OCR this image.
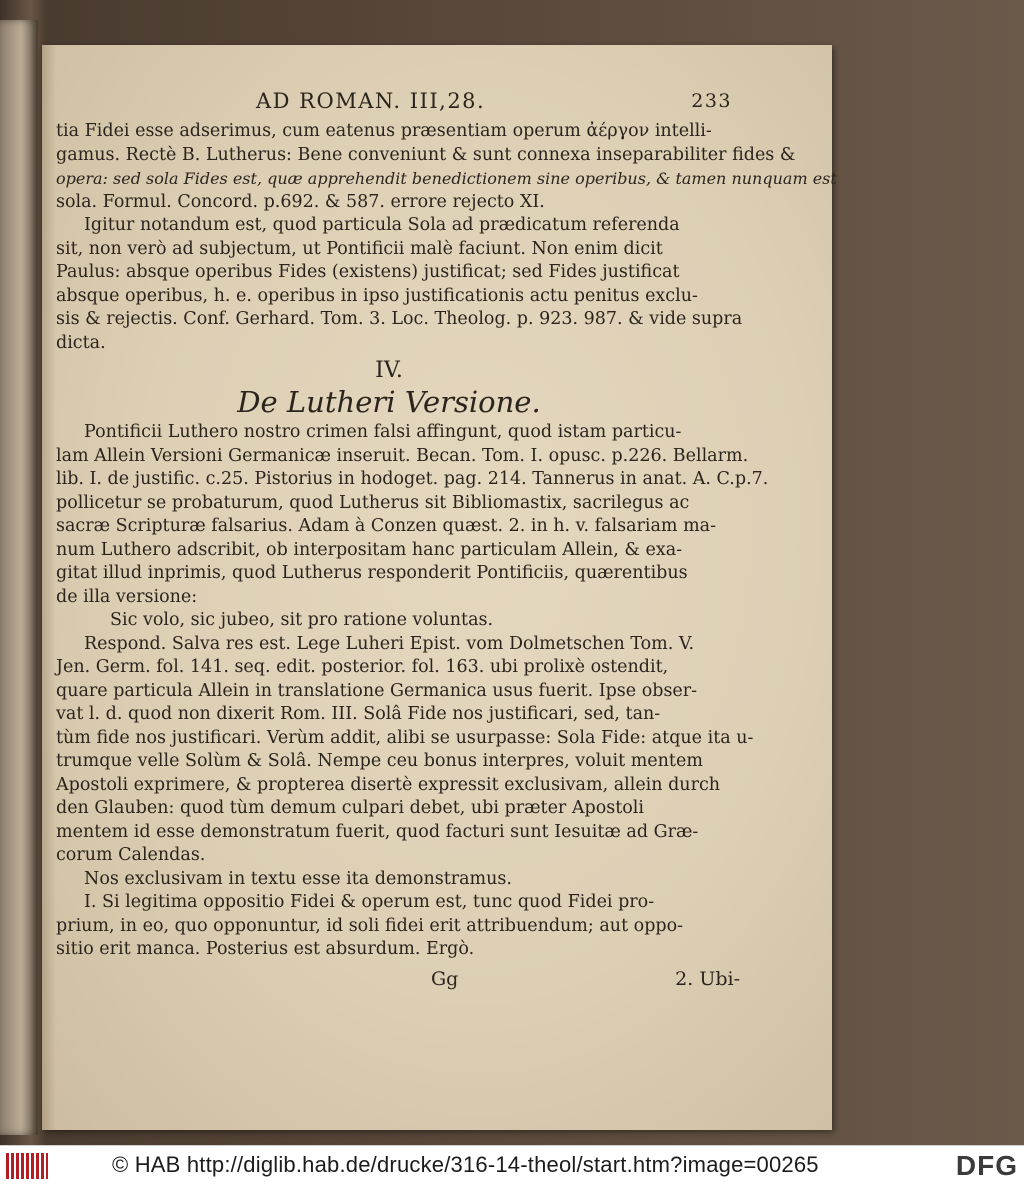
AD ROMAN. III,28.	233
tia Fidei esse adserimus, cum eatenus præsentiam operum ἀέργον intelli-
gamus. Rectè B. Lutherus: Bene conveniunt & sunt connexa inseparabiliter fides &
opera: sed sola Fides est, quæ apprehendit benedictionem sine operibus, & tamen nunquam est
sola. Formul. Concord. p.692. & 587. errore rejecto XI.
Igitur notandum est, quod particula Sola ad prædicatum referenda
sit, non verò ad subjectum, ut Pontificii malè faciunt. Non enim dicit
Paulus: absque operibus Fides (existens) justificat; sed Fides justificat
absque operibus, h. e. operibus in ipso justificationis actu penitus exclu-
sis & rejectis. Conf. Gerhard. Tom. 3. Loc. Theolog. p. 923. 987. & vide supra
dicta.
IV.
De Lutheri Versione.
Pontificii Luthero nostro crimen falsi affingunt, quod istam particu-
lam Allein Versioni Germanicæ inseruit. Becan. Tom. I. opusc. p.226. Bellarm.
lib. I. de justific. c.25. Pistorius in hodoget. pag. 214. Tannerus in anat. A. C.p.7.
pollicetur se probaturum, quod Lutherus sit Bibliomastix, sacrilegus ac
sacræ Scripturæ falsarius. Adam à Conzen quæst. 2. in h. v. falsariam ma-
num Luthero adscribit, ob interpositam hanc particulam Allein, & exa-
gitat illud inprimis, quod Lutherus responderit Pontificiis, quærentibus
de illa versione:
Sic volo, sic jubeo, sit pro ratione voluntas.
Respond. Salva res est. Lege Luheri Epist. vom Dolmetschen Tom. V.
Jen. Germ. fol. 141. seq. edit. posterior. fol. 163. ubi prolixè ostendit,
quare particula Allein in translatione Germanica usus fuerit. Ipse obser-
vat l. d. quod non dixerit Rom. III. Solâ Fide nos justificari, sed, tan-
tùm fide nos justificari. Verùm addit, alibi se usurpasse: Sola Fide: atque ita u-
trumque velle Solùm & Solâ. Nempe ceu bonus interpres, voluit mentem
Apostoli exprimere, & propterea disertè expressit exclusivam, allein durch
den Glauben: quod tùm demum culpari debet, ubi præter Apostoli
mentem id esse demonstratum fuerit, quod facturi sunt Iesuitæ ad Græ-
corum Calendas.
Nos exclusivam in textu esse ita demonstramus.
I. Si legitima oppositio Fidei & operum est, tunc quod Fidei pro-
prium, in eo, quo opponuntur, id soli fidei erit attribuendum; aut oppo-
sitio erit manca. Posterius est absurdum. Ergò.
Gg	2. Ubi-
© HAB http://diglib.hab.de/drucke/316-14-theol/start.htm?image=00265	DFG
